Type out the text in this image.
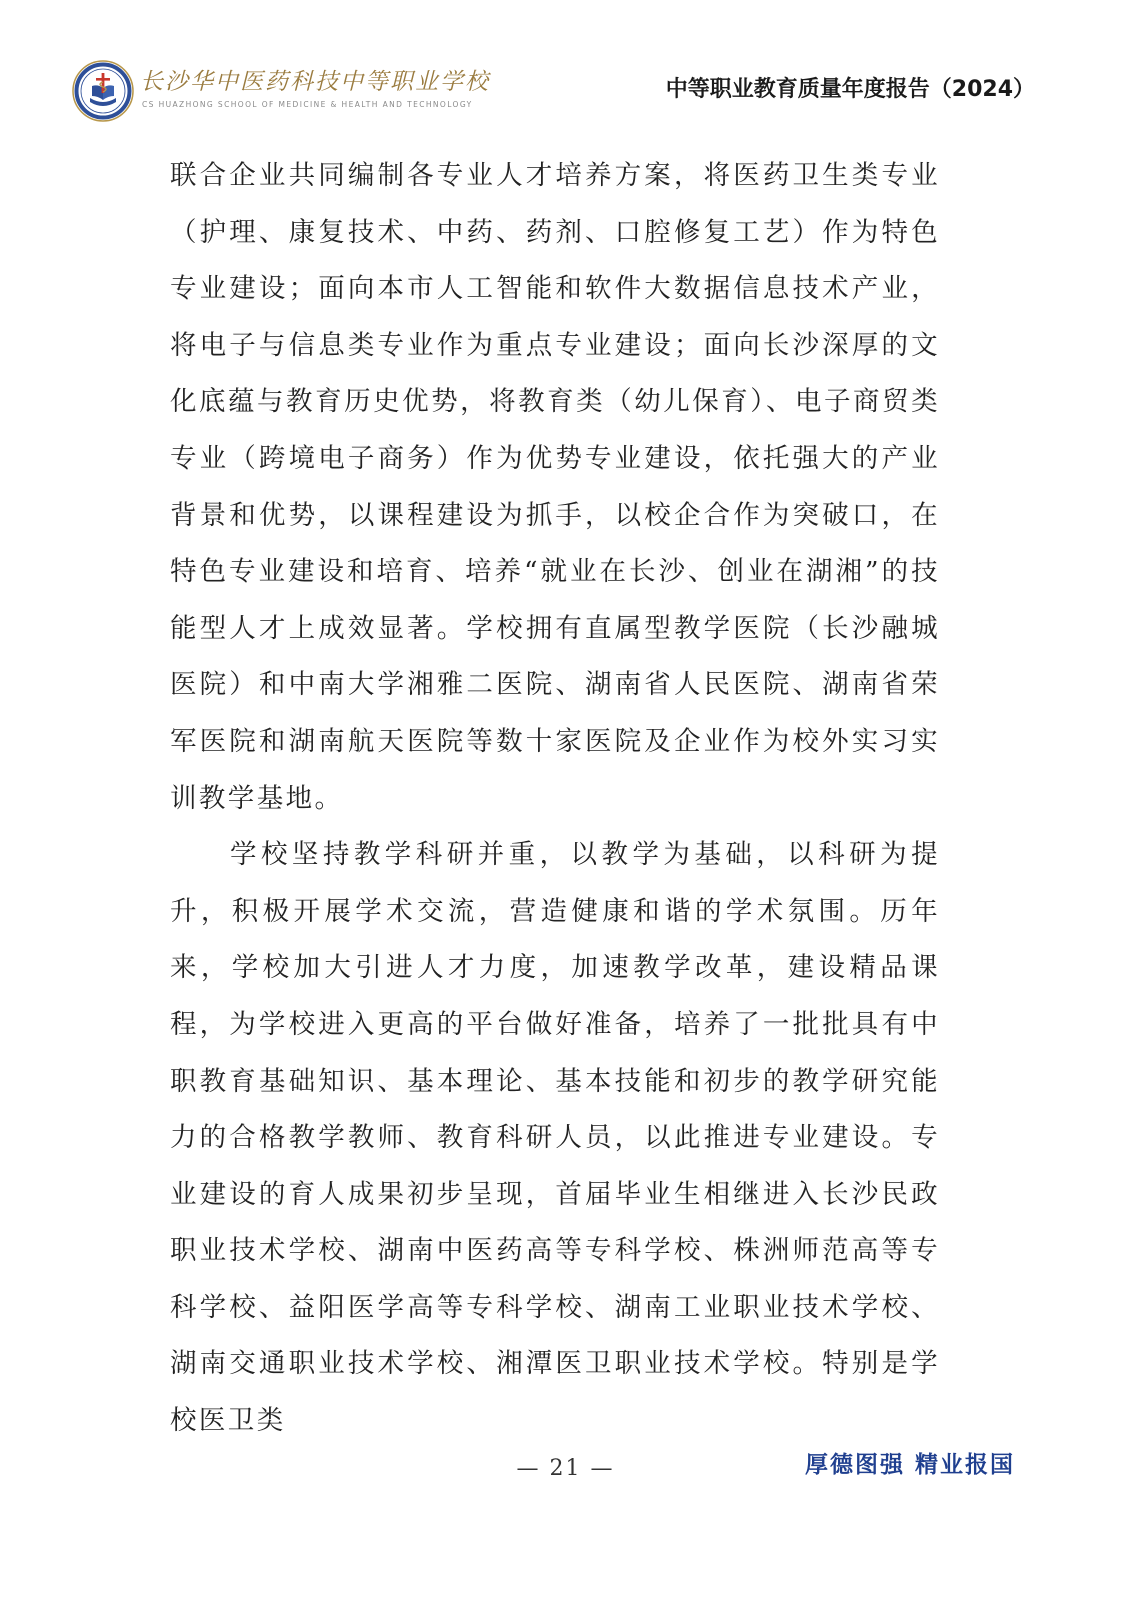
长沙华中医药科技中等职业学校
CS HUAZHONG SCHOOL OF MEDICINE & HEALTH AND TECHNOLOGY
中等职业教育质量年度报告（2024）

联合企业共同编制各专业人才培养方案，将医药卫生类专业（护理、康复技术、中药、药剂、口腔修复工艺）作为特色专业建设；面向本市人工智能和软件大数据信息技术产业，将电子与信息类专业作为重点专业建设；面向长沙深厚的文化底蕴与教育历史优势，将教育类（幼儿保育）、电子商贸类专业（跨境电子商务）作为优势专业建设，依托强大的产业背景和优势，以课程建设为抓手，以校企合作为突破口，在特色专业建设和培育、培养“就业在长沙、创业在湖湘”的技能型人才上成效显著。学校拥有直属型教学医院（长沙融城医院）和中南大学湘雅二医院、湖南省人民医院、湖南省荣军医院和湖南航天医院等数十家医院及企业作为校外实习实训教学基地。

学校坚持教学科研并重，以教学为基础，以科研为提升，积极开展学术交流，营造健康和谐的学术氛围。历年来，学校加大引进人才力度，加速教学改革，建设精品课程，为学校进入更高的平台做好准备，培养了一批批具有中职教育基础知识、基本理论、基本技能和初步的教学研究能力的合格教学教师、教育科研人员，以此推进专业建设。专业建设的育人成果初步呈现，首届毕业生相继进入长沙民政职业技术学校、湖南中医药高等专科学校、株洲师范高等专科学校、益阳医学高等专科学校、湖南工业职业技术学校、湖南交通职业技术学校、湘潭医卫职业技术学校。特别是学校医卫类

— 21 —	厚德图强 精业报国
